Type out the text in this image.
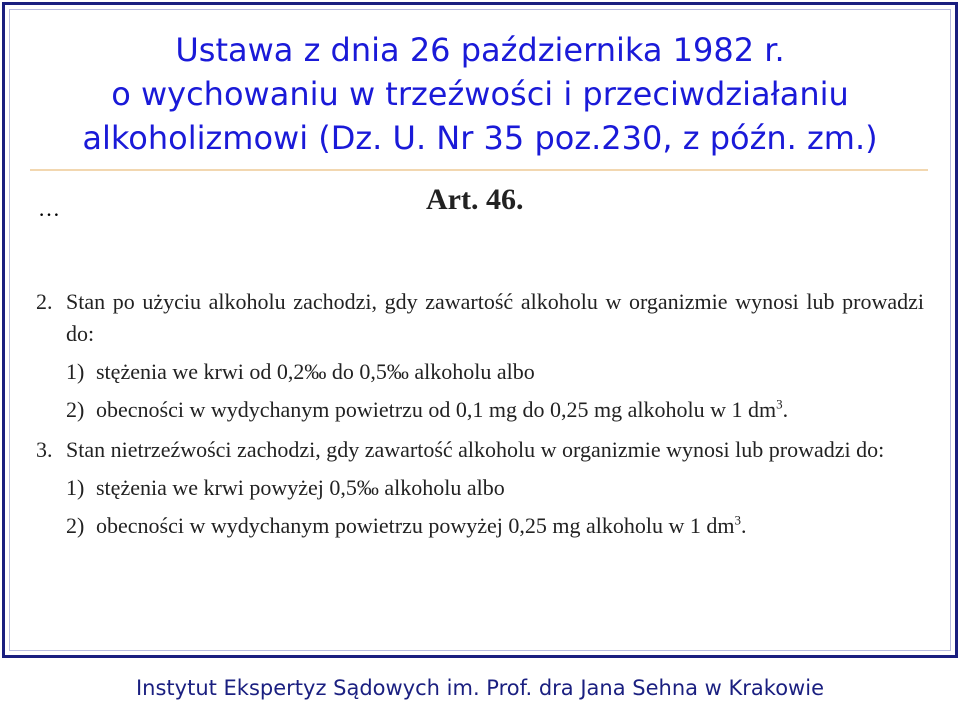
Ustawa z dnia 26 października 1982 r.
o wychowaniu w trzeźwości i przeciwdziałaniu
alkoholizmowi (Dz. U. Nr 35 poz.230, z późn. zm.)
…	Art. 46.
2. Stan po użyciu alkoholu zachodzi, gdy zawartość alkoholu w organizmie wynosi lub prowadzi do:
1) stężenia we krwi od 0,2‰ do 0,5‰ alkoholu albo
2) obecności w wydychanym powietrzu od 0,1 mg do 0,25 mg alkoholu w 1 $dm^3$.
3. Stan nietrzeźwości zachodzi, gdy zawartość alkoholu w organizmie wynosi lub prowadzi do:
1) stężenia we krwi powyżej 0,5‰ alkoholu albo
2) obecności w wydychanym powietrzu powyżej 0,25 mg alkoholu w 1 $dm^3$.
Instytut Ekspertyz Sądowych im. Prof. dra Jana Sehna w Krakowie
